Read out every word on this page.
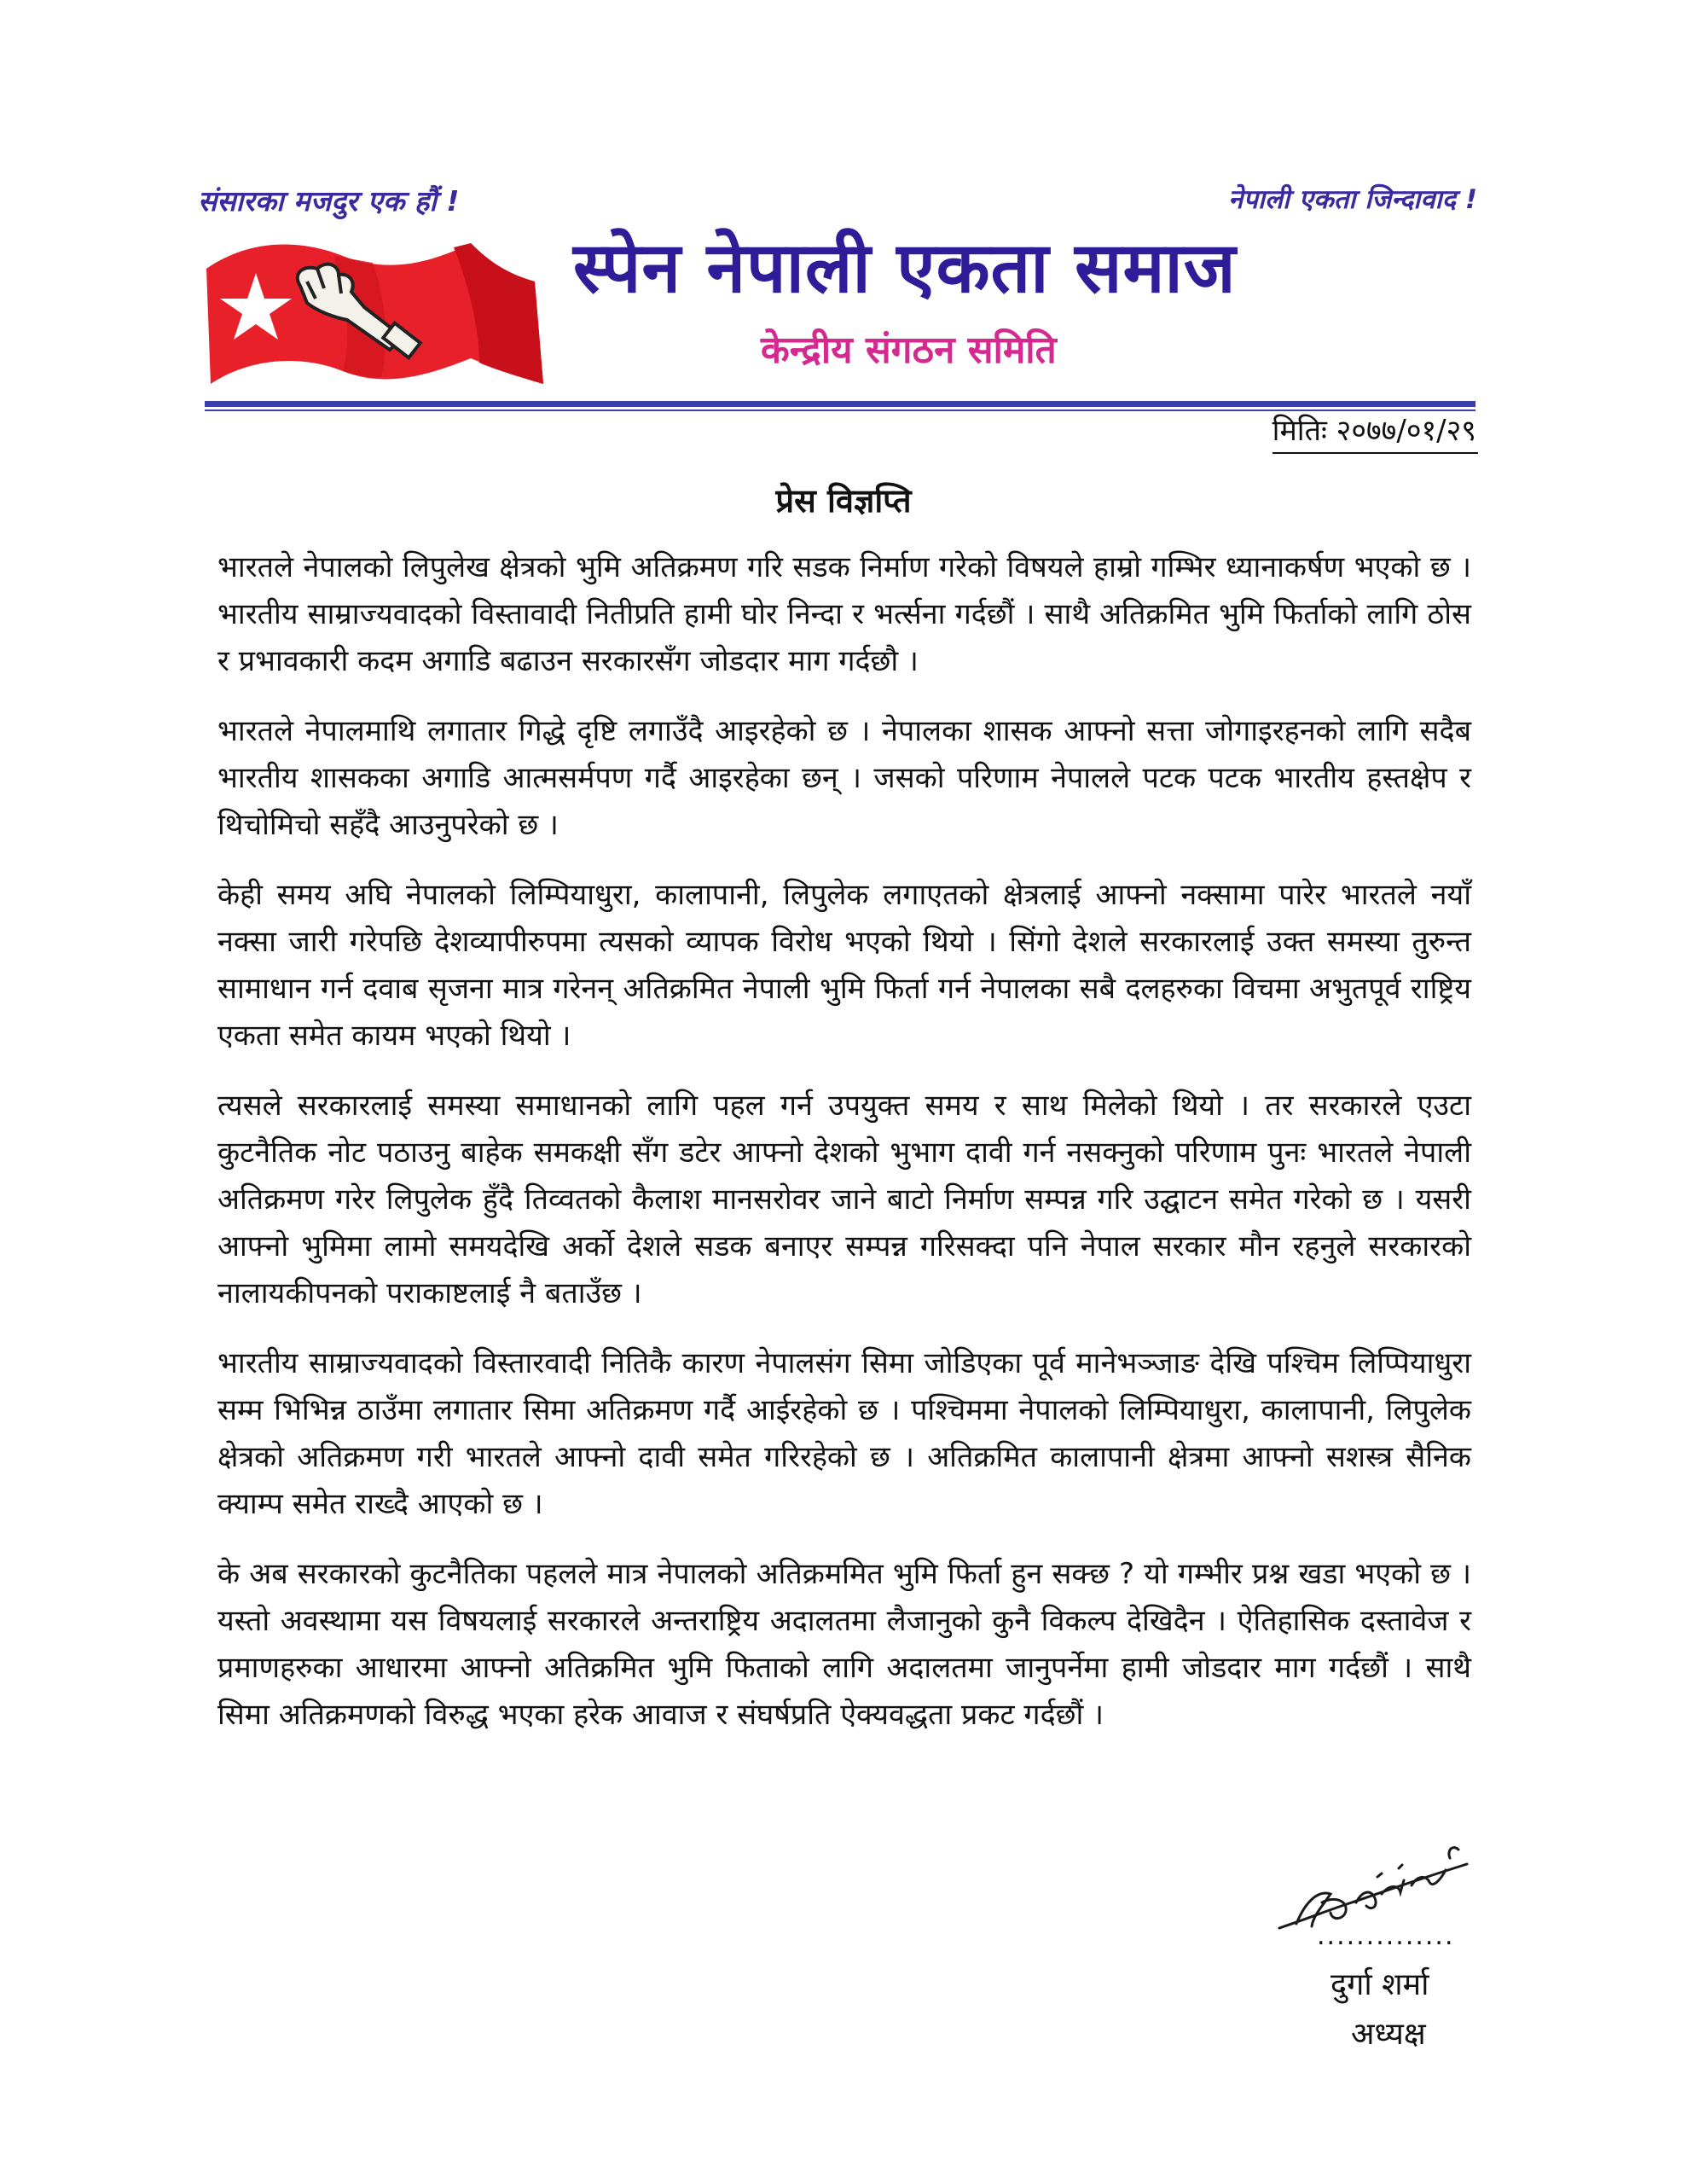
संसारका मजदुर एक हौं !	नेपाली एकता जिन्दावाद !
स्पेन नेपाली एकता समाज
केन्द्रीय संगठन समिति
मितिः २०७७/०१/२९
प्रेस विज्ञप्ति

भारतले नेपालको लिपुलेख क्षेत्रको भुमि अतिक्रमण गरि सडक निर्माण गरेको विषयले हाम्रो गम्भिर ध्यानाकर्षण भएको छ । भारतीय साम्राज्यवादको विस्तावादी नितीप्रति हामी घोर निन्दा र भर्त्सना गर्दछौं । साथै अतिक्रमित भुमि फिर्ताको लागि ठोस र प्रभावकारी कदम अगाडि बढाउन सरकारसँग जोडदार माग गर्दछौ ।

भारतले नेपालमाथि लगातार गिद्धे दृष्टि लगाउँदै आइरहेको छ । नेपालका शासक आफ्नो सत्ता जोगाइरहनको लागि सदैब भारतीय शासकका अगाडि आत्मसर्मपण गर्दै आइरहेका छन् । जसको परिणाम नेपालले पटक पटक भारतीय हस्तक्षेप र थिचोमिचो सहँदै आउनुपरेको छ ।

केही समय अघि नेपालको लिम्पियाधुरा, कालापानी, लिपुलेक लगाएतको क्षेत्रलाई आफ्नो नक्सामा पारेर भारतले नयाँ नक्सा जारी गरेपछि देशव्यापीरुपमा त्यसको व्यापक विरोध भएको थियो । सिंगो देशले सरकारलाई उक्त समस्या तुरुन्त सामाधान गर्न दवाब सृजना मात्र गरेनन् अतिक्रमित नेपाली भुमि फिर्ता गर्न नेपालका सबै दलहरुका विचमा अभुतपूर्व राष्ट्रिय एकता समेत कायम भएको थियो ।

त्यसले सरकारलाई समस्या समाधानको लागि पहल गर्न उपयुक्त समय र साथ मिलेको थियो । तर सरकारले एउटा कुटनैतिक नोट पठाउनु बाहेक समकक्षी सँग डटेर आफ्नो देशको भुभाग दावी गर्न नसक्नुको परिणाम पुनः भारतले नेपाली अतिक्रमण गरेर लिपुलेक हुँदै तिव्वतको कैलाश मानसरोवर जाने बाटो निर्माण सम्पन्न गरि उद्घाटन समेत गरेको छ । यसरी आफ्नो भुमिमा लामो समयदेखि अर्को देशले सडक बनाएर सम्पन्न गरिसक्दा पनि नेपाल सरकार मौन रहनुले सरकारको नालायकीपनको पराकाष्टलाई नै बताउँछ ।

भारतीय साम्राज्यवादको विस्तारवादी नितिकै कारण नेपालसंग सिमा जोडिएका पूर्व मानेभञ्जाङ देखि पश्चिम लिप्पियाधुरा सम्म भिभिन्न ठाउँमा लगातार सिमा अतिक्रमण गर्दै आईरहेको छ । पश्चिममा नेपालको लिम्पियाधुरा, कालापानी, लिपुलेक क्षेत्रको अतिक्रमण गरी भारतले आफ्नो दावी समेत गरिरहेको छ । अतिक्रमित कालापानी क्षेत्रमा आफ्नो सशस्त्र सैनिक क्याम्प समेत राख्दै आएको छ ।

के अब सरकारको कुटनैतिका पहलले मात्र नेपालको अतिक्रममित भुमि फिर्ता हुन सक्छ ? यो गम्भीर प्रश्न खडा भएको छ । यस्तो अवस्थामा यस विषयलाई सरकारले अन्तराष्ट्रिय अदालतमा लैजानुको कुनै विकल्प देखिदैन । ऐतिहासिक दस्तावेज र प्रमाणहरुका आधारमा आफ्नो अतिक्रमित भुमि फिताको लागि अदालतमा जानुपर्नेमा हामी जोडदार माग गर्दछौं । साथै सिमा अतिक्रमणको विरुद्ध भएका हरेक आवाज र संघर्षप्रति ऐक्यवद्धता प्रकट गर्दछौं ।

..............
दुर्गा शर्मा
अध्यक्ष
